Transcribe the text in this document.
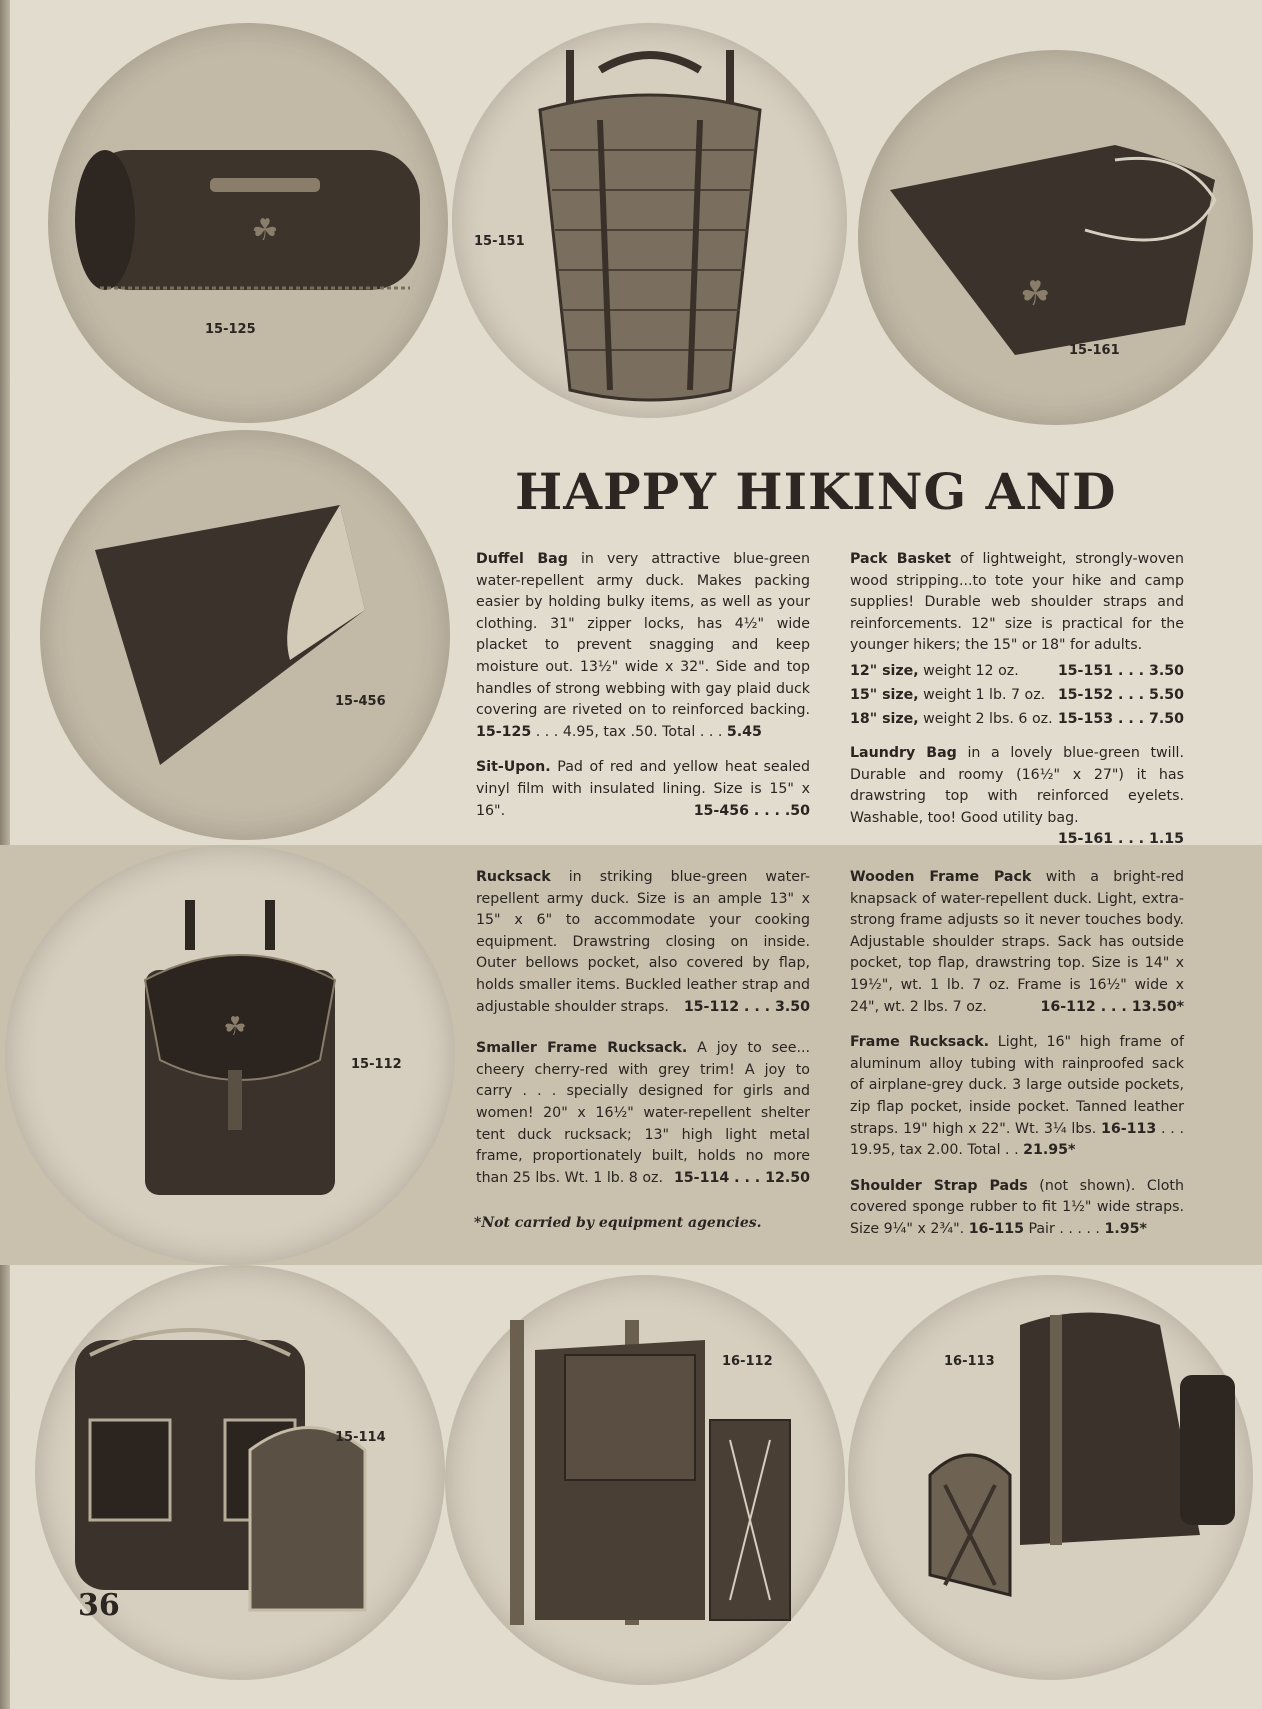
☘
15-125
15-151
☘
15-161
15-456
☘
15-112
15-114
16-112	16-113
HAPPY HIKING AND

Duffel Bag in very attractive blue-green water-repellent army duck. Makes packing easier by holding bulky items, as well as your clothing. 31" zipper locks, has 4½" wide placket to prevent snagging and keep moisture out. 13½" wide x 32". Side and top handles of strong webbing with gay plaid duck covering are riveted on to reinforced backing. 15-125 . . . 4.95, tax .50. Total . . . 5.45

Sit-Upon. Pad of red and yellow heat sealed vinyl film with insulated lining. Size is 15" x 16".	15-456 . . . .50

Pack Basket of lightweight, strongly-woven wood stripping...to tote your hike and camp supplies! Durable web shoulder straps and reinforcements. 12" size is practical for the younger hikers; the 15" or 18" for adults.

12" size, weight 12 oz.	15-151 . . . 3.50
15" size, weight 1 lb. 7 oz. 15-152 . . . 5.50
18" size, weight 2 lbs. 6 oz. 15-153 . . . 7.50

Laundry Bag in a lovely blue-green twill. Durable and roomy (16½" x 27") it has drawstring top with reinforced eyelets. Washable, too! Good utility bag.
15-161 . . . 1.15

Rucksack in striking blue-green water-repellent army duck. Size is an ample 13" x 15" x 6" to accommodate your cooking equipment. Drawstring closing on inside. Outer bellows pocket, also covered by flap, holds smaller items. Buckled leather strap and adjustable shoulder straps. 15-112 . . . 3.50

Smaller Frame Rucksack. A joy to see... cheery cherry-red with grey trim! A joy to carry . . . specially designed for girls and women! 20" x 16½" water-repellent shelter tent duck rucksack; 13" high light metal frame, proportionately built, holds no more than 25 lbs. Wt. 1 lb. 8 oz. 15-114 . . . 12.50

*Not carried by equipment agencies.

Wooden Frame Pack with a bright-red knapsack of water-repellent duck. Light, extra-strong frame adjusts so it never touches body. Adjustable shoulder straps. Sack has outside pocket, top flap, drawstring top. Size is 14" x 19½", wt. 1 lb. 7 oz. Frame is 16½" wide x 24", wt. 2 lbs. 7 oz.	16-112 . . . 13.50*

Frame Rucksack. Light, 16" high frame of aluminum alloy tubing with rainproofed sack of airplane-grey duck. 3 large outside pockets, zip flap pocket, inside pocket. Tanned leather straps. 19" high x 22". Wt. 3¼ lbs. 16-113 . . . 19.95, tax 2.00. Total . . 21.95*

Shoulder Strap Pads (not shown). Cloth covered sponge rubber to fit 1½" wide straps. Size 9¼" x 2¾". 16-115 Pair . . . . . 1.95*

36
